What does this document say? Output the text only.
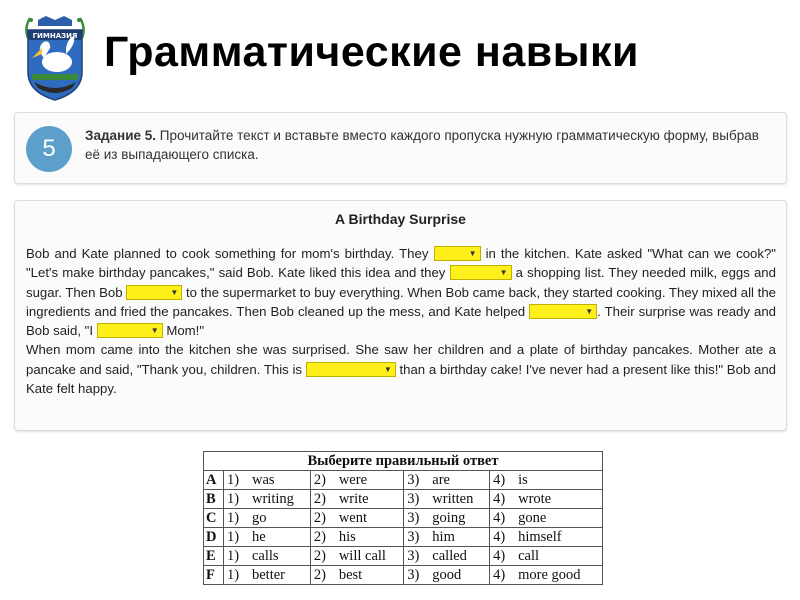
ГИМНАЗИЯ Грамматические навыки
5	Задание 5. Прочитайте текст и вставьте вместо каждого пропуска нужную грамматическую форму, выбрав её из выпадающего списка.
A Birthday Surprise
Bob and Kate planned to cook something for mom's birthday. They	▼ in the kitchen. Kate asked "What can we cook?" "Let's make birthday pancakes," said Bob. Kate liked this idea and they	▼ a shopping list. They needed milk, eggs and sugar. Then Bob	▼ to the supermarket to buy everything. When Bob came back, they started cooking. They mixed all the ingredients and fried the pancakes. Then Bob cleaned up the mess, and Kate helped	▼ . Their surprise was ready and Bob said, "I	▼ Mom!"
When mom came into the kitchen she was surprised. She saw her children and a plate of birthday pancakes. Mother ate a pancake and said, "Thank you, children. This is	▼ than a birthday cake! I've never had a present like this!" Bob and Kate felt happy.
Выберите правильный ответ								
A	1)	was	2)	were	3)	are	4)	is
B	1)	writing	2)	write	3)	written	4)	wrote
C	1)	go	2)	went	3)	going	4)	gone
D	1)	he	2)	his	3)	him	4)	himself
E	1)	calls	2)	will call	3)	called	4)	call
F	1)	better	2)	best	3)	good	4)	more good
